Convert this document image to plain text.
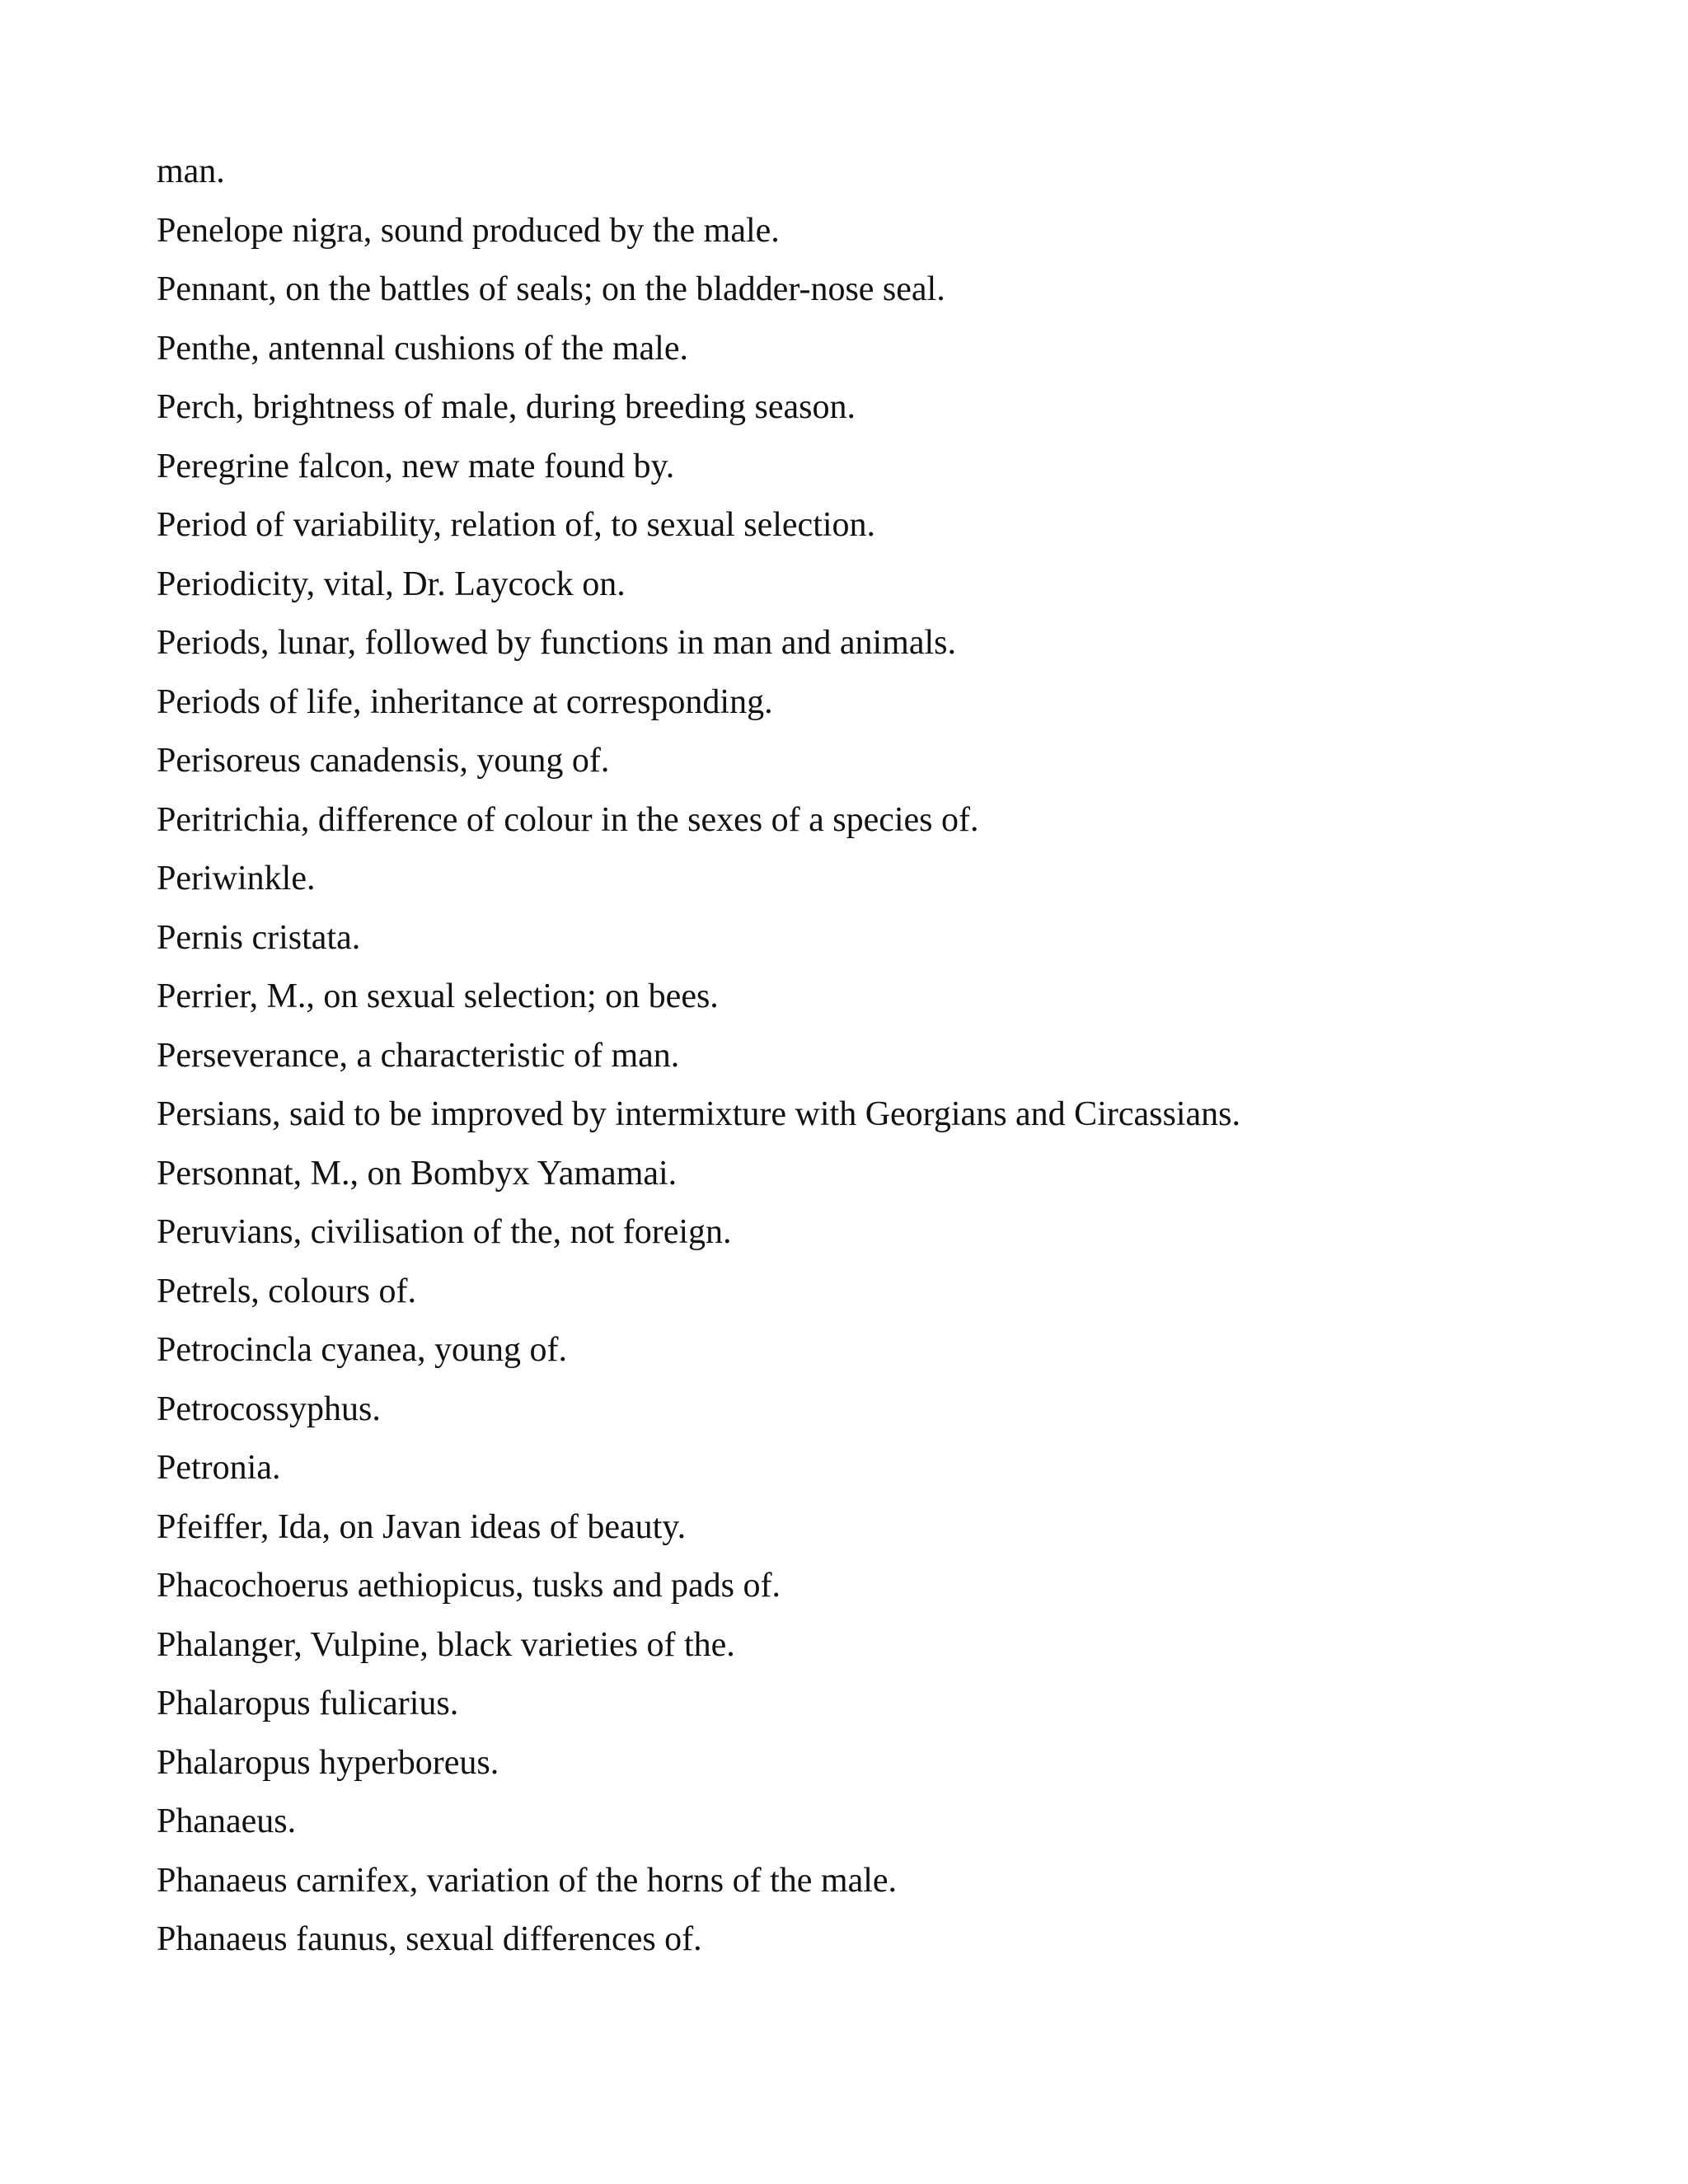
man.
Penelope nigra, sound produced by the male.
Pennant, on the battles of seals; on the bladder-nose seal.
Penthe, antennal cushions of the male.
Perch, brightness of male, during breeding season.
Peregrine falcon, new mate found by.
Period of variability, relation of, to sexual selection.
Periodicity, vital, Dr. Laycock on.
Periods, lunar, followed by functions in man and animals.
Periods of life, inheritance at corresponding.
Perisoreus canadensis, young of.
Peritrichia, difference of colour in the sexes of a species of.
Periwinkle.
Pernis cristata.
Perrier, M., on sexual selection; on bees.
Perseverance, a characteristic of man.
Persians, said to be improved by intermixture with Georgians and Circassians.
Personnat, M., on Bombyx Yamamai.
Peruvians, civilisation of the, not foreign.
Petrels, colours of.
Petrocincla cyanea, young of.
Petrocossyphus.
Petronia.
Pfeiffer, Ida, on Javan ideas of beauty.
Phacochoerus aethiopicus, tusks and pads of.
Phalanger, Vulpine, black varieties of the.
Phalaropus fulicarius.
Phalaropus hyperboreus.
Phanaeus.
Phanaeus carnifex, variation of the horns of the male.
Phanaeus faunus, sexual differences of.
